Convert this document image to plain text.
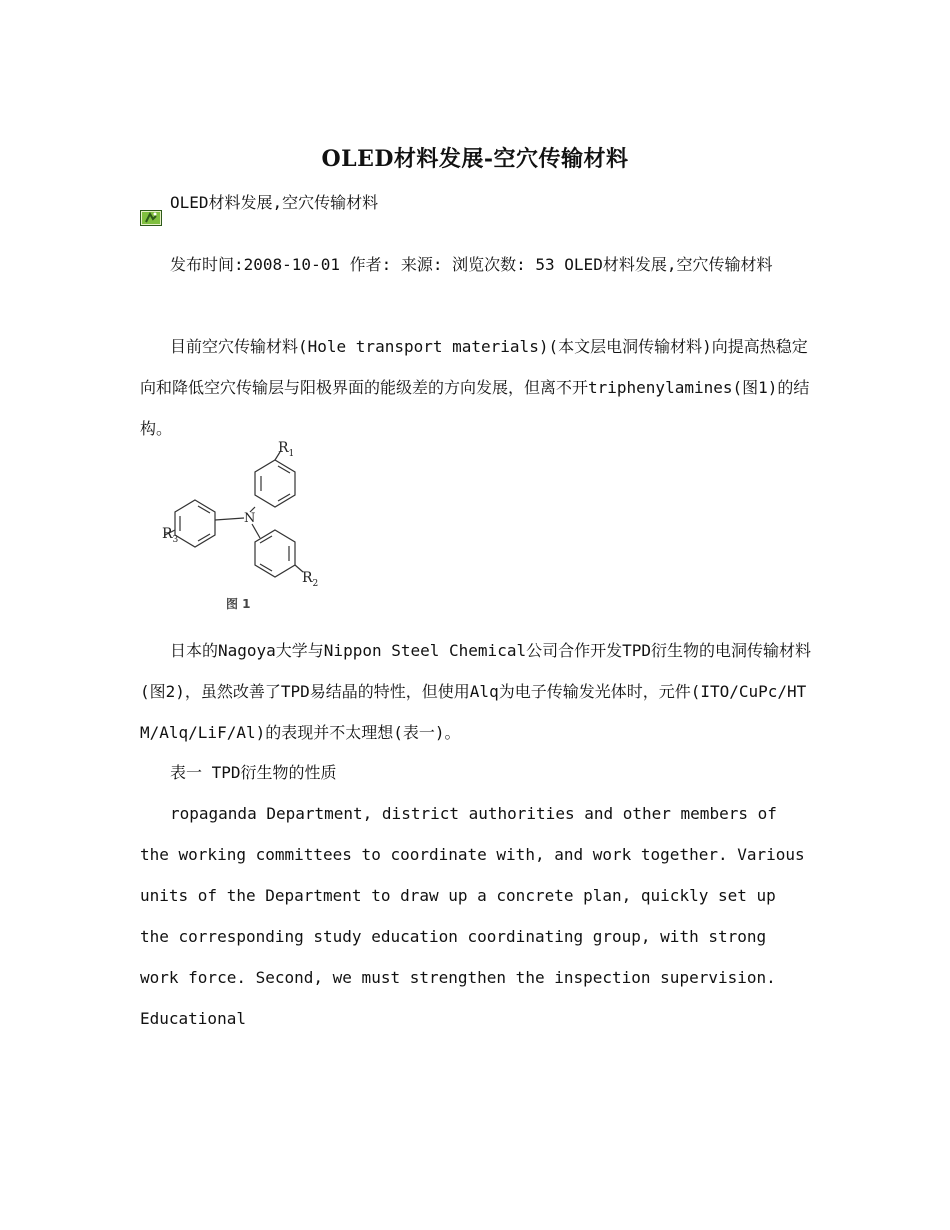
OLED材料发展-空穴传输材料
OLED材料发展,空穴传输材料

发布时间:2008-10-01 作者: 来源: 浏览次数: 53 OLED材料发展,空穴传输材料

目前空穴传输材料(Hole transport materials)(本文层电洞传输材料)向提高热稳定向和降低空穴传输层与阳极界面的能级差的方向发展，但离不开triphenylamines(图1)的结构。

N
$R_1$
$R_3$
$R_2$
图 1

日本的Nagoya大学与Nippon Steel Chemical公司合作开发TPD衍生物的电洞传输材料(图2)，虽然改善了TPD易结晶的特性，但使用Alq为电子传输发光体时，元件(ITO/CuPc/HTM/Alq/LiF/Al)的表现并不太理想(表一)。

表一 TPD衍生物的性质

ropaganda Department, district authorities and other members of the working committees to coordinate with, and work together. Various units of the Department to draw up a concrete plan, quickly set up the corresponding study education coordinating group, with strong work force. Second, we must strengthen the inspection supervision. Educational
